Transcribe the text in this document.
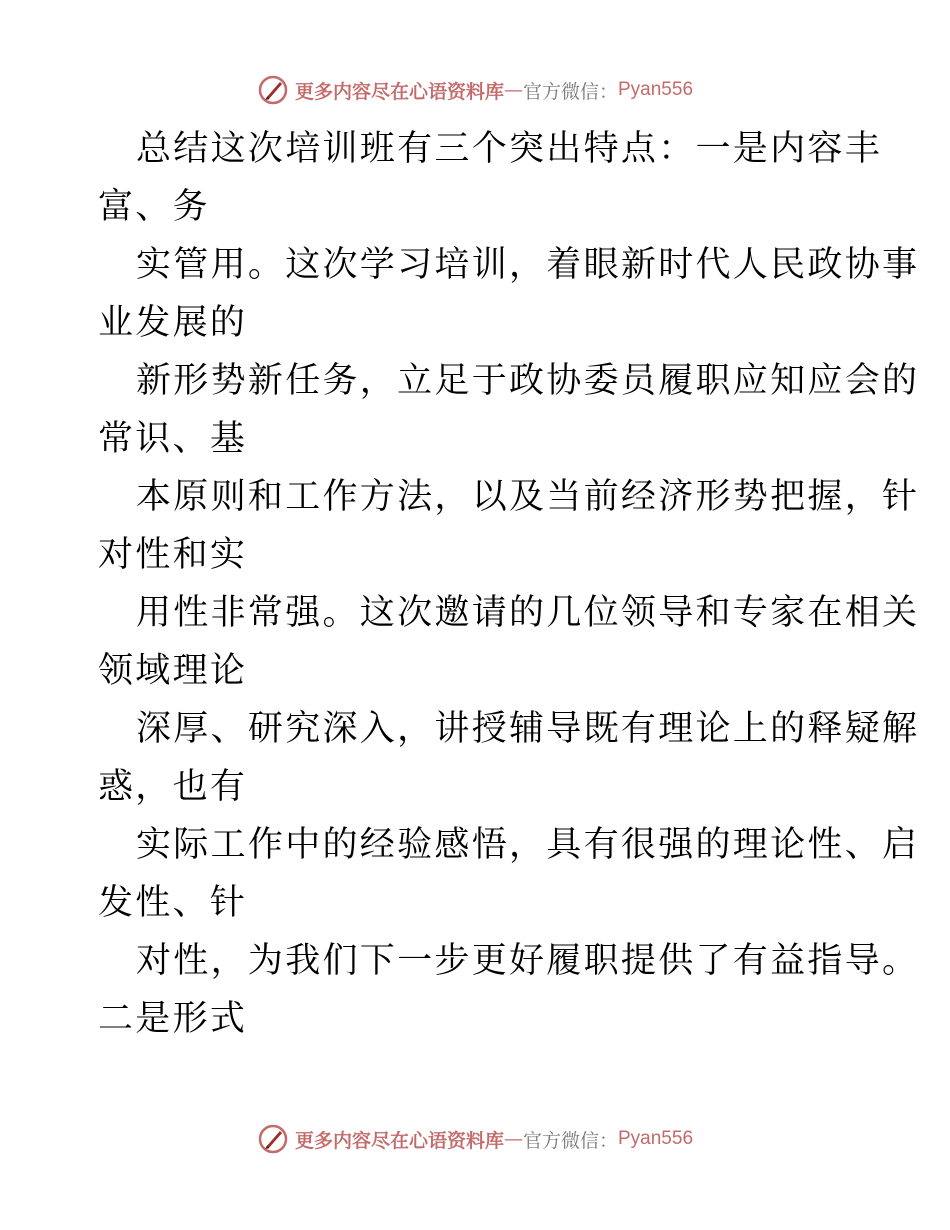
更多内容尽在心语资料库 — 官方微信： Pyan556
总结这次培训班有三个突出特点：一是内容丰
富、务
实管用。这次学习培训，着眼新时代人民政协事
业发展的
新形势新任务，立足于政协委员履职应知应会的
常识、基
本原则和工作方法，以及当前经济形势把握，针
对性和实
用性非常强。这次邀请的几位领导和专家在相关
领域理论
深厚、研究深入，讲授辅导既有理论上的释疑解
惑，也有
实际工作中的经验感悟，具有很强的理论性、启
发性、针
对性，为我们下一步更好履职提供了有益指导。
二是形式
更多内容尽在心语资料库 — 官方微信： Pyan556
